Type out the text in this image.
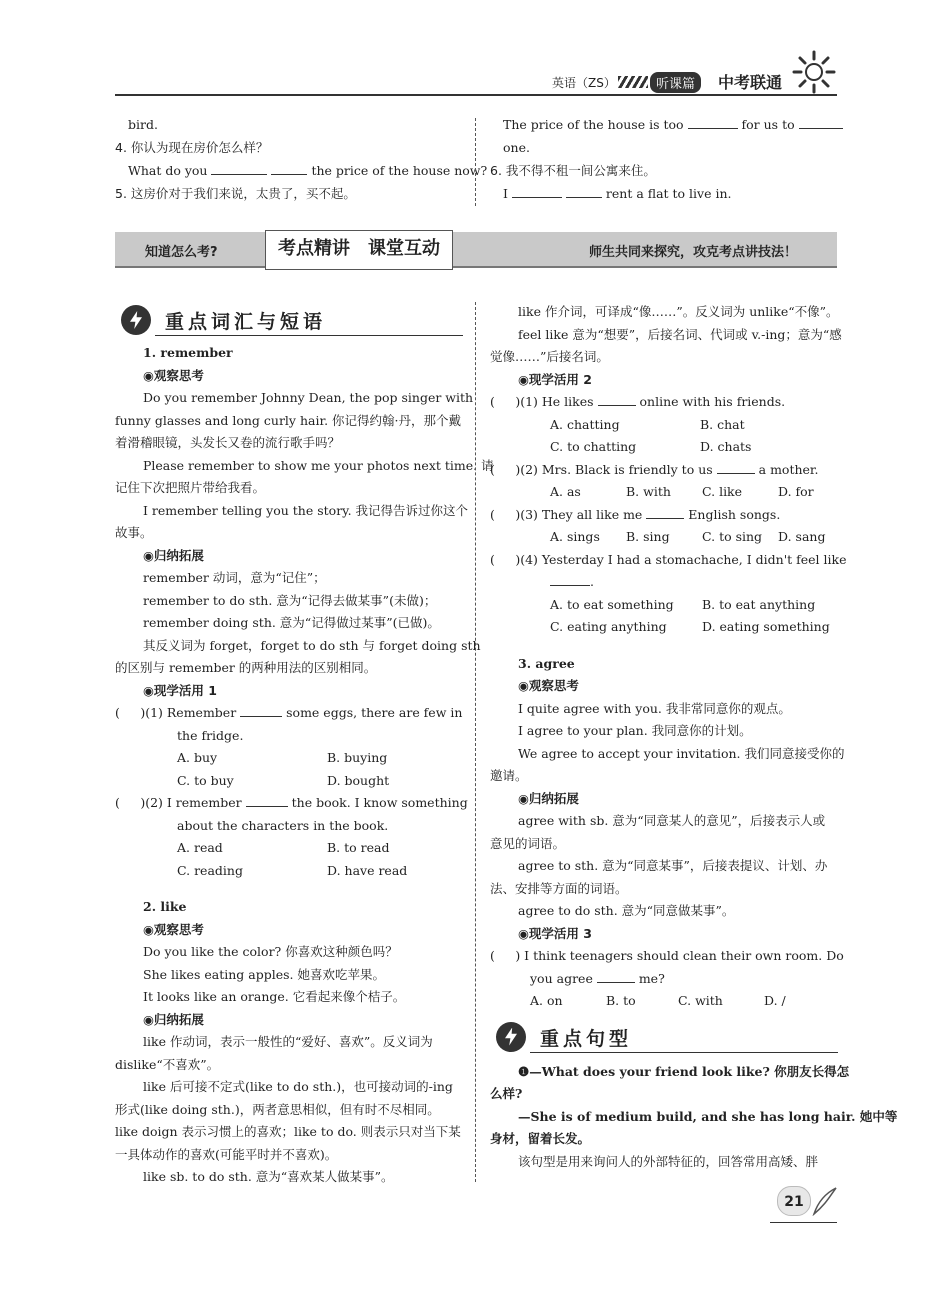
英语（ZS）	听课篇	中考联通
bird.
4. 你认为现在房价怎么样？
What do you	the price of the house now?
5. 这房价对于我们来说，太贵了，买不起。
The price of the house is too	for us to
one.
6. 我不得不租一间公寓来住。
I	rent a flat to live in.
知道怎么考?	考点精讲　课堂互动	师生共同来探究，攻克考点讲技法！
重点词汇与短语
1. remember
◉观察思考
Do you remember Johnny Dean, the pop singer with
funny glasses and long curly hair. 你记得约翰·丹，那个戴
着滑稽眼镜，头发长又卷的流行歌手吗？
Please remember to show me your photos next time. 请
记住下次把照片带给我看。
I remember telling you the story. 我记得告诉过你这个
故事。
◉归纳拓展
remember 动词，意为“记住”；
remember to do sth. 意为“记得去做某事”(未做)；
remember doing sth. 意为“记得做过某事”(已做)。
其反义词为 forget，forget to do sth 与 forget doing sth
的区别与 remember 的两种用法的区别相同。
◉现学活用 1
( 　 )(1) Remember	some eggs, there are few in
the fridge.
A. buy	B. buying
C. to buy	D. bought
( 　 )(2) I remember	the book. I know something
about the characters in the book.
A. read	B. to read
C. reading	D. have read
2. like
◉观察思考
Do you like the color? 你喜欢这种颜色吗？
She likes eating apples. 她喜欢吃苹果。
It looks like an orange. 它看起来像个桔子。
◉归纳拓展
like 作动词，表示一般性的“爱好、喜欢”。反义词为
dislike“不喜欢”。
like 后可接不定式(like to do sth.)，也可接动词的-ing
形式(like doing sth.)，两者意思相似，但有时不尽相同。
like doign 表示习惯上的喜欢；like to do. 则表示只对当下某
一具体动作的喜欢(可能平时并不喜欢)。
like sb. to do sth. 意为“喜欢某人做某事”。
like 作介词，可译成“像……”。反义词为 unlike“不像”。
feel like 意为“想要”，后接名词、代词或 v.-ing；意为“感
觉像……”后接名词。
◉现学活用 2
( 　 )(1) He likes	online with his friends.
A. chatting	B. chat
C. to chatting	D. chats
( 　 )(2) Mrs. Black is friendly to us	a mother.
A. as	B. with C. like	D. for
( 　 )(3) They all like me	English songs.
A. sings B. sing	C. to sing D. sang
( 　 )(4) Yesterday I had a stomachache, I didn't feel like
.
A. to eat something B. to eat anything
C. eating anything	D. eating something
3. agree
◉观察思考
I quite agree with you. 我非常同意你的观点。
I agree to your plan. 我同意你的计划。
We agree to accept your invitation. 我们同意接受你的
邀请。
◉归纳拓展
agree with sb. 意为“同意某人的意见”，后接表示人或
意见的词语。
agree to sth. 意为“同意某事”，后接表提议、计划、办
法、安排等方面的词语。
agree to do sth. 意为“同意做某事”。
◉现学活用 3
( 　 ) I think teenagers should clean their own room. Do
you agree	me?
A. on	B. to	C. with	D. /
重点句型
❶—What does your friend look like? 你朋友长得怎
么样?
—She is of medium build, and she has long hair. 她中等
身材，留着长发。
该句型是用来询问人的外部特征的，回答常用高矮、胖
21
